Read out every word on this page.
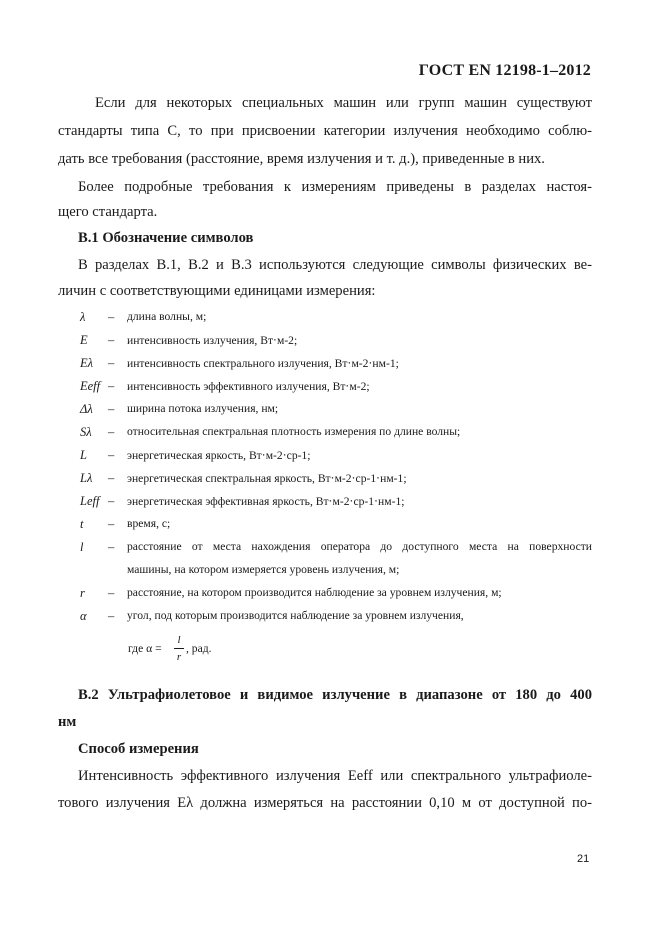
ГОСТ EN 12198-1–2012
Если для некоторых специальных машин или групп машин существуют
стандарты типа С, то при присвоении категории излучения необходимо соблю-
дать все требования (расстояние, время излучения и т. д.), приведенные в них.
Более подробные требования к измерениям приведены в разделах настоя-
щего стандарта.
В.1 Обозначение символов
В разделах В.1, В.2 и В.3 используются следующие символы физических ве-
личин с соответствующими единицами измерения:
λ – длина волны, м;
E – интенсивность излучения, Вт⋅м-2;
Eλ – интенсивность спектрального излучения, Вт⋅м-2⋅нм-1;
Eeff – интенсивность эффективного излучения, Вт⋅м-2;
Δλ – ширина потока излучения, нм;
Sλ – относительная спектральная плотность измерения по длине волны;
L – энергетическая яркость, Вт⋅м-2⋅ср-1;
Lλ – энергетическая спектральная яркость, Вт⋅м-2⋅ср-1⋅нм-1;
Leff – энергетическая эффективная яркость, Вт⋅м-2⋅ср-1⋅нм-1;
t – время, с;
l – расстояние от места нахождения оператора до доступного места на поверхности
машины, на котором измеряется уровень излучения, м;
r – расстояние, на котором производится наблюдение за уровнем излучения, м;
α – угол, под которым производится наблюдение за уровнем излучения,
где α =
l
r
, рад.
В.2 Ультрафиолетовое и видимое излучение в диапазоне от 180 до 400
нм
Способ измерения
Интенсивность эффективного излучения Eeff или спектрального ультрафиоле-
тового излучения Eλ должна измеряться на расстоянии 0,10 м от доступной по-
21
